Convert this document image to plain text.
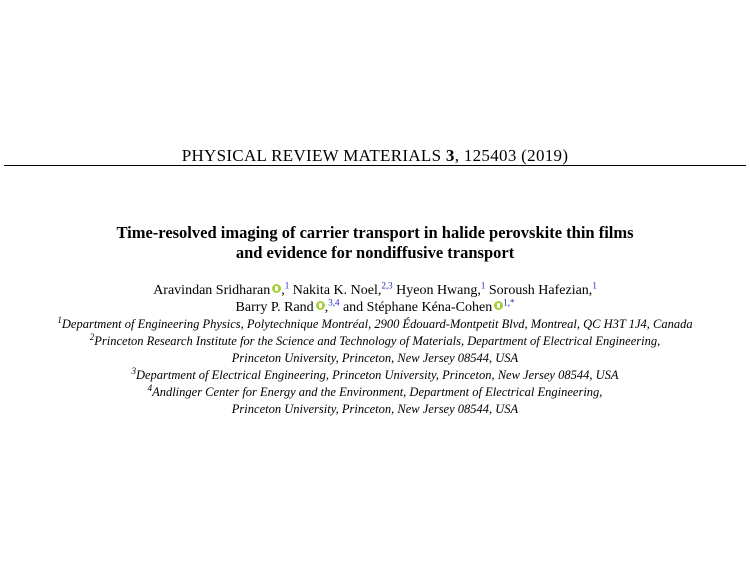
PHYSICAL REVIEW MATERIALS 3, 125403 (2019)
Time-resolved imaging of carrier transport in halide perovskite thin films
and evidence for nondiffusive transport
Aravindan Sridharan ,$^1$ Nakita K. Noel,$^{2,3}$ Hyeon Hwang,$^1$ Soroush Hafezian,$^1$
Barry P. Rand ,$^{3,4}$ and Stéphane Kéna-Cohen $^{1,*}$
$^1$Department of Engineering Physics, Polytechnique Montréal, 2900 Édouard-Montpetit Blvd, Montreal, QC H3T 1J4, Canada
$^2$Princeton Research Institute for the Science and Technology of Materials, Department of Electrical Engineering,
Princeton University, Princeton, New Jersey 08544, USA
$^3$Department of Electrical Engineering, Princeton University, Princeton, New Jersey 08544, USA
$^4$Andlinger Center for Energy and the Environment, Department of Electrical Engineering,
Princeton University, Princeton, New Jersey 08544, USA
